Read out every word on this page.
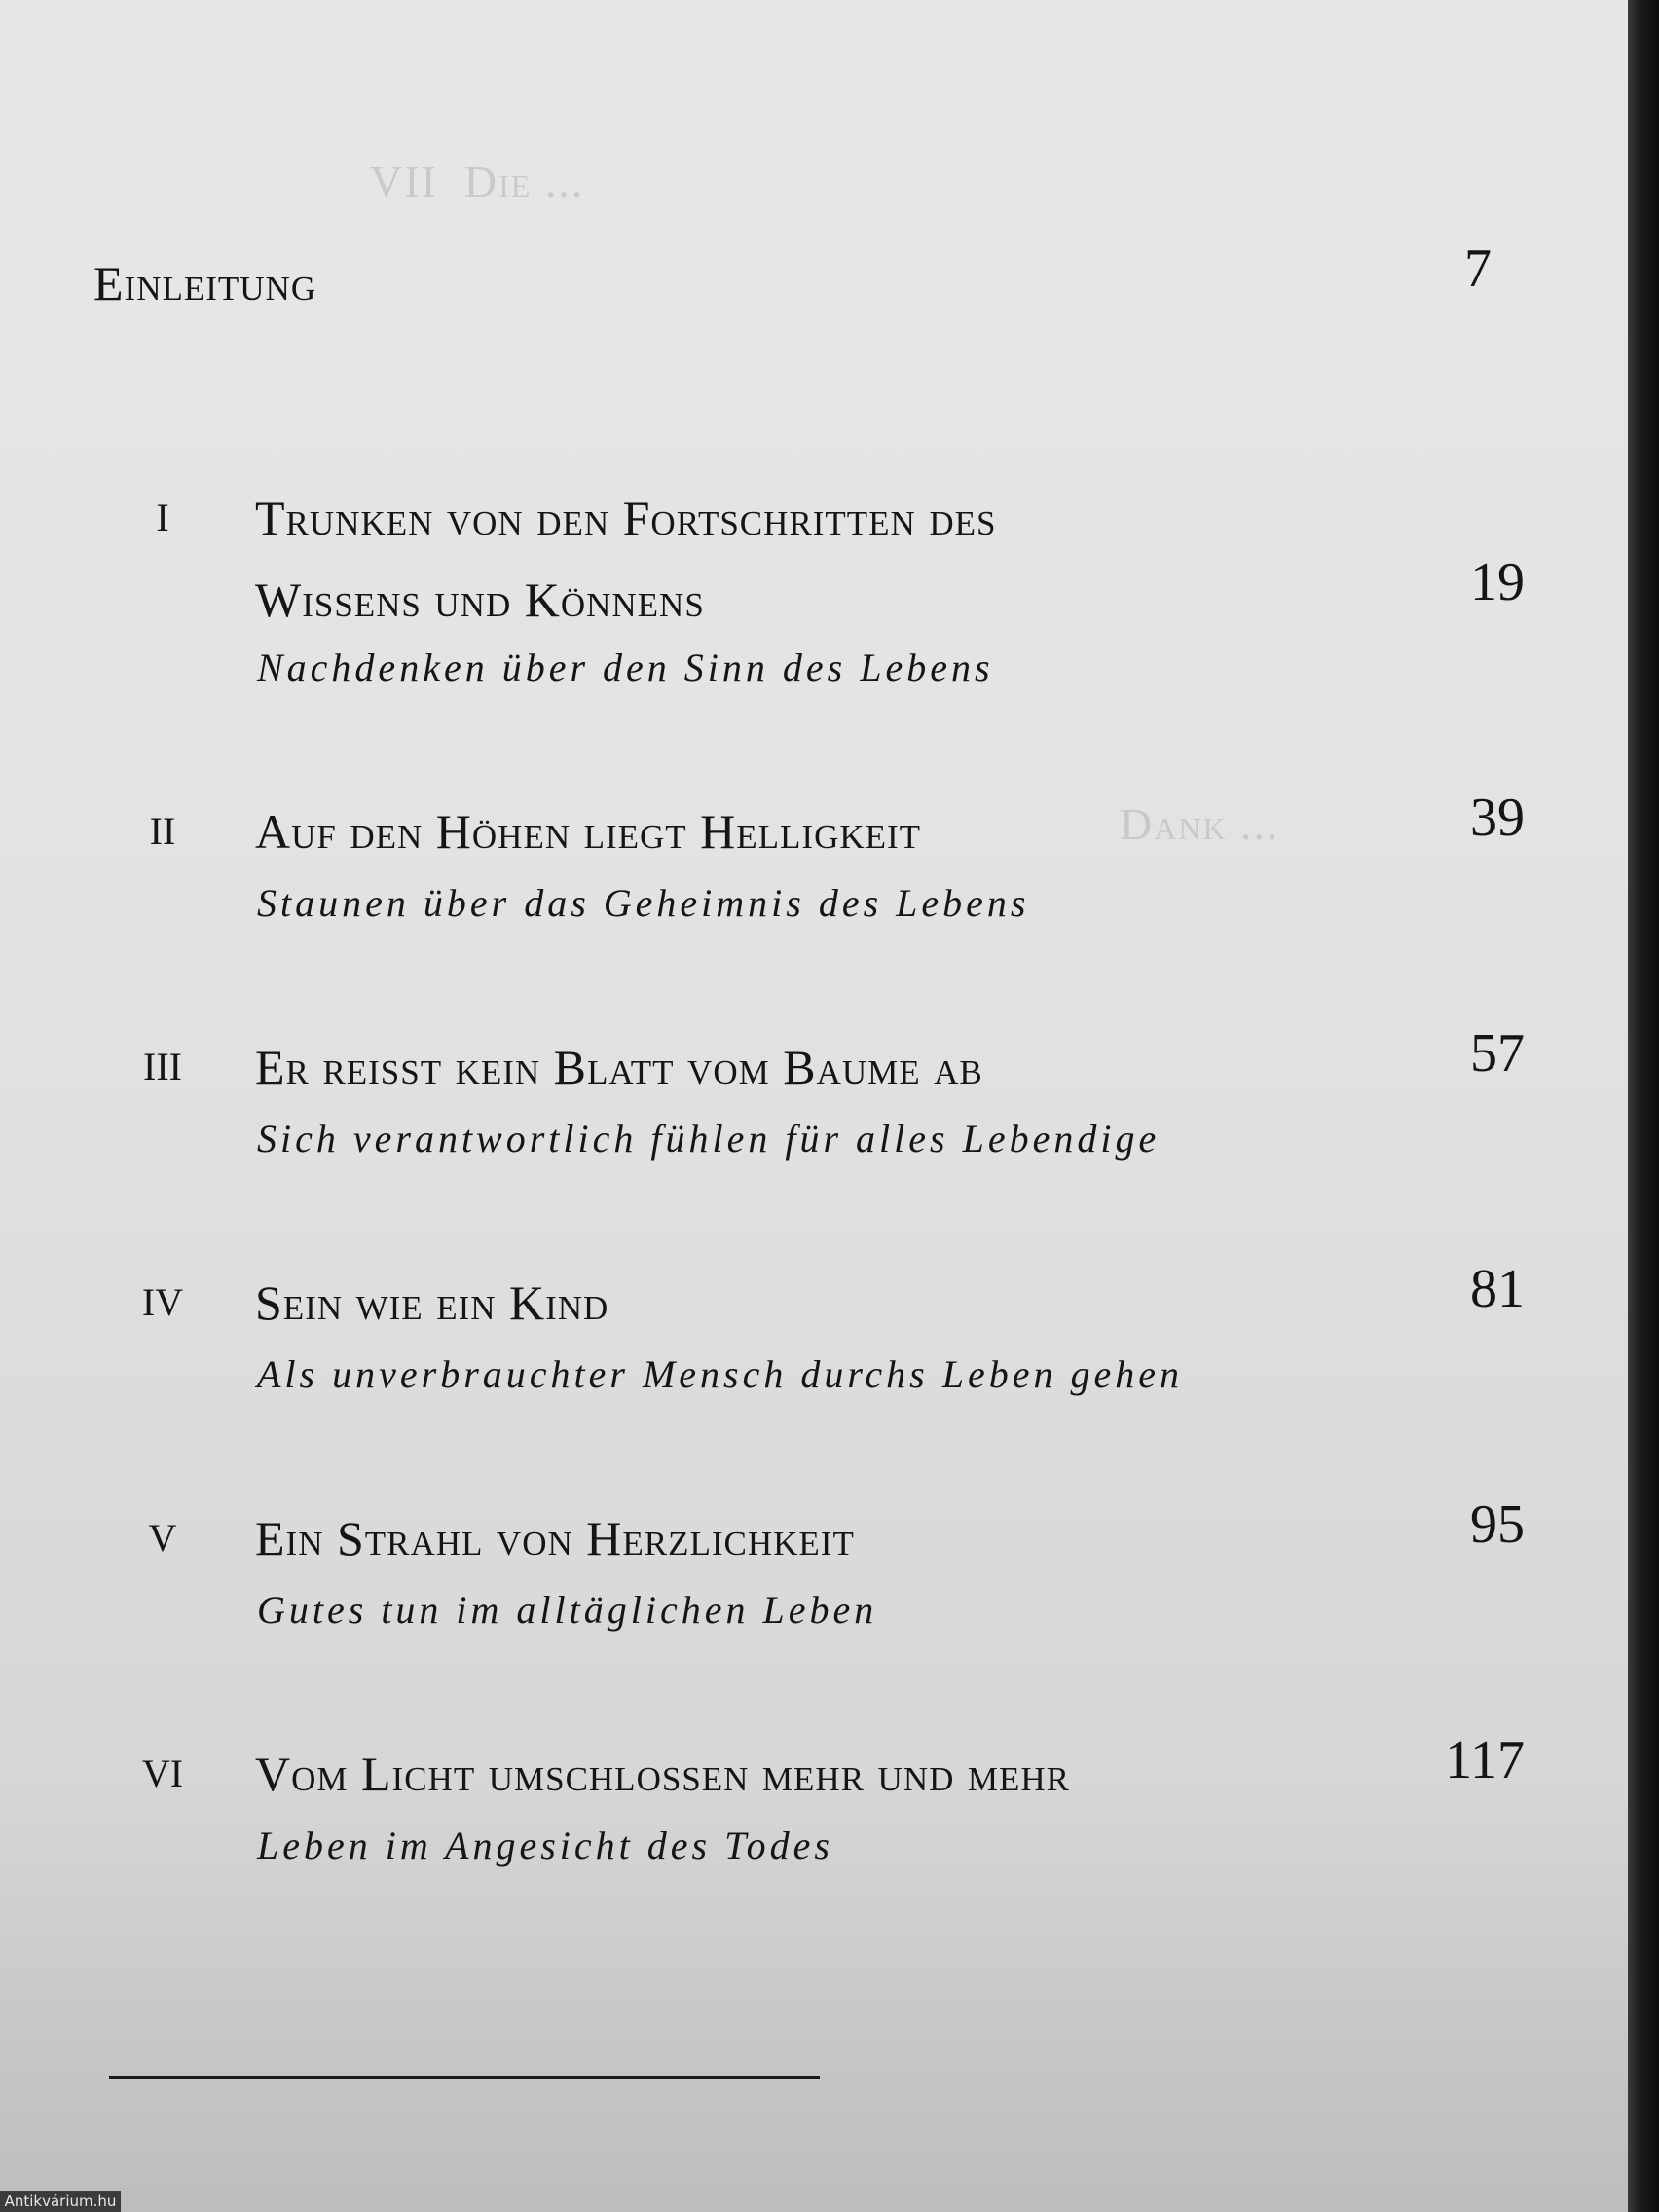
VII  Die ...
Dank ...
Einleitung	7
I	Trunken von den Fortschritten des Wissens und Könnens	19
Nachdenken über den Sinn des Lebens
II	Auf den Höhen liegt Helligkeit	39
Staunen über das Geheimnis des Lebens
III	Er reisst kein Blatt vom Baume ab	57
Sich verantwortlich fühlen für alles Lebendige
IV	Sein wie ein Kind	81
Als unverbrauchter Mensch durchs Leben gehen
V	Ein Strahl von Herzlichkeit	95
Gutes tun im alltäglichen Leben
VI	Vom Licht umschlossen mehr und mehr	117
Leben im Angesicht des Todes
Antikvárium.hu
